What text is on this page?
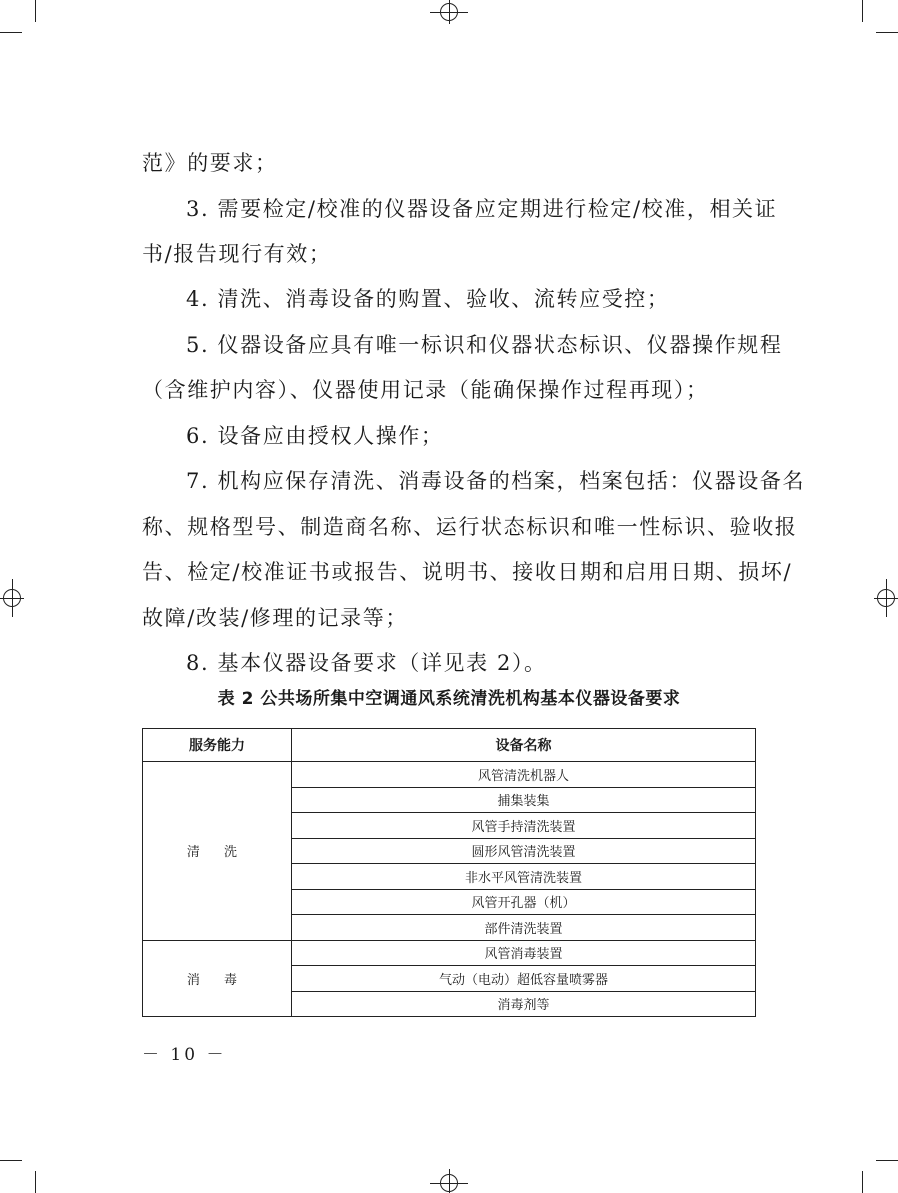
范》的要求；

3. 需要检定/校准的仪器设备应定期进行检定/校准，相关证

书/报告现行有效；

4. 清洗、消毒设备的购置、验收、流转应受控；

5. 仪器设备应具有唯一标识和仪器状态标识、仪器操作规程

（含维护内容）、仪器使用记录（能确保操作过程再现）；

6. 设备应由授权人操作；

7. 机构应保存清洗、消毒设备的档案，档案包括：仪器设备名

称、规格型号、制造商名称、运行状态标识和唯一性标识、验收报

告、检定/校准证书或报告、说明书、接收日期和启用日期、损坏/

故障/改装/修理的记录等；

8. 基本仪器设备要求（详见表 2）。

表 2 公共场所集中空调通风系统清洗机构基本仪器设备要求
服务能力	设备名称
清 洗	风管清洗机器人
	捕集装集
	风管手持清洗装置
	圆形风管清洗装置
	非水平风管清洗装置
	风管开孔器（机）
	部件清洗装置
消 毒	风管消毒装置
	气动（电动）超低容量喷雾器
	消毒剂等
－ 10 －
